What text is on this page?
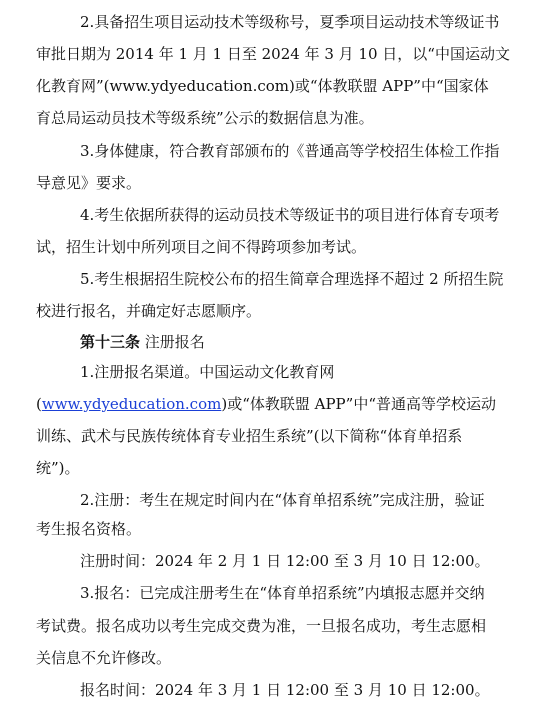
2.具备招生项目运动技术等级称号，夏季项目运动技术等级证书
审批日期为 2014 年 1 月 1 日至 2024 年 3 月 10 日，以“中国运动文
化教育网”(www.ydyeducation.com)或“体教联盟 APP”中“国家体
育总局运动员技术等级系统”公示的数据信息为准。
3.身体健康，符合教育部颁布的《普通高等学校招生体检工作指
导意见》要求。
4.考生依据所获得的运动员技术等级证书的项目进行体育专项考
试，招生计划中所列项目之间不得跨项参加考试。
5.考生根据招生院校公布的招生简章合理选择不超过 2 所招生院
校进行报名，并确定好志愿顺序。
第十三条 注册报名
1.注册报名渠道。中国运动文化教育网
(www.ydyeducation.com)或“体教联盟 APP”中“普通高等学校运动
训练、武术与民族传统体育专业招生系统”(以下简称“体育单招系
统”)。
2.注册：考生在规定时间内在“体育单招系统”完成注册，验证
考生报名资格。
注册时间：2024 年 2 月 1 日 12:00 至 3 月 10 日 12:00。
3.报名：已完成注册考生在“体育单招系统”内填报志愿并交纳
考试费。报名成功以考生完成交费为准，一旦报名成功，考生志愿相
关信息不允许修改。
报名时间：2024 年 3 月 1 日 12:00 至 3 月 10 日 12:00。
